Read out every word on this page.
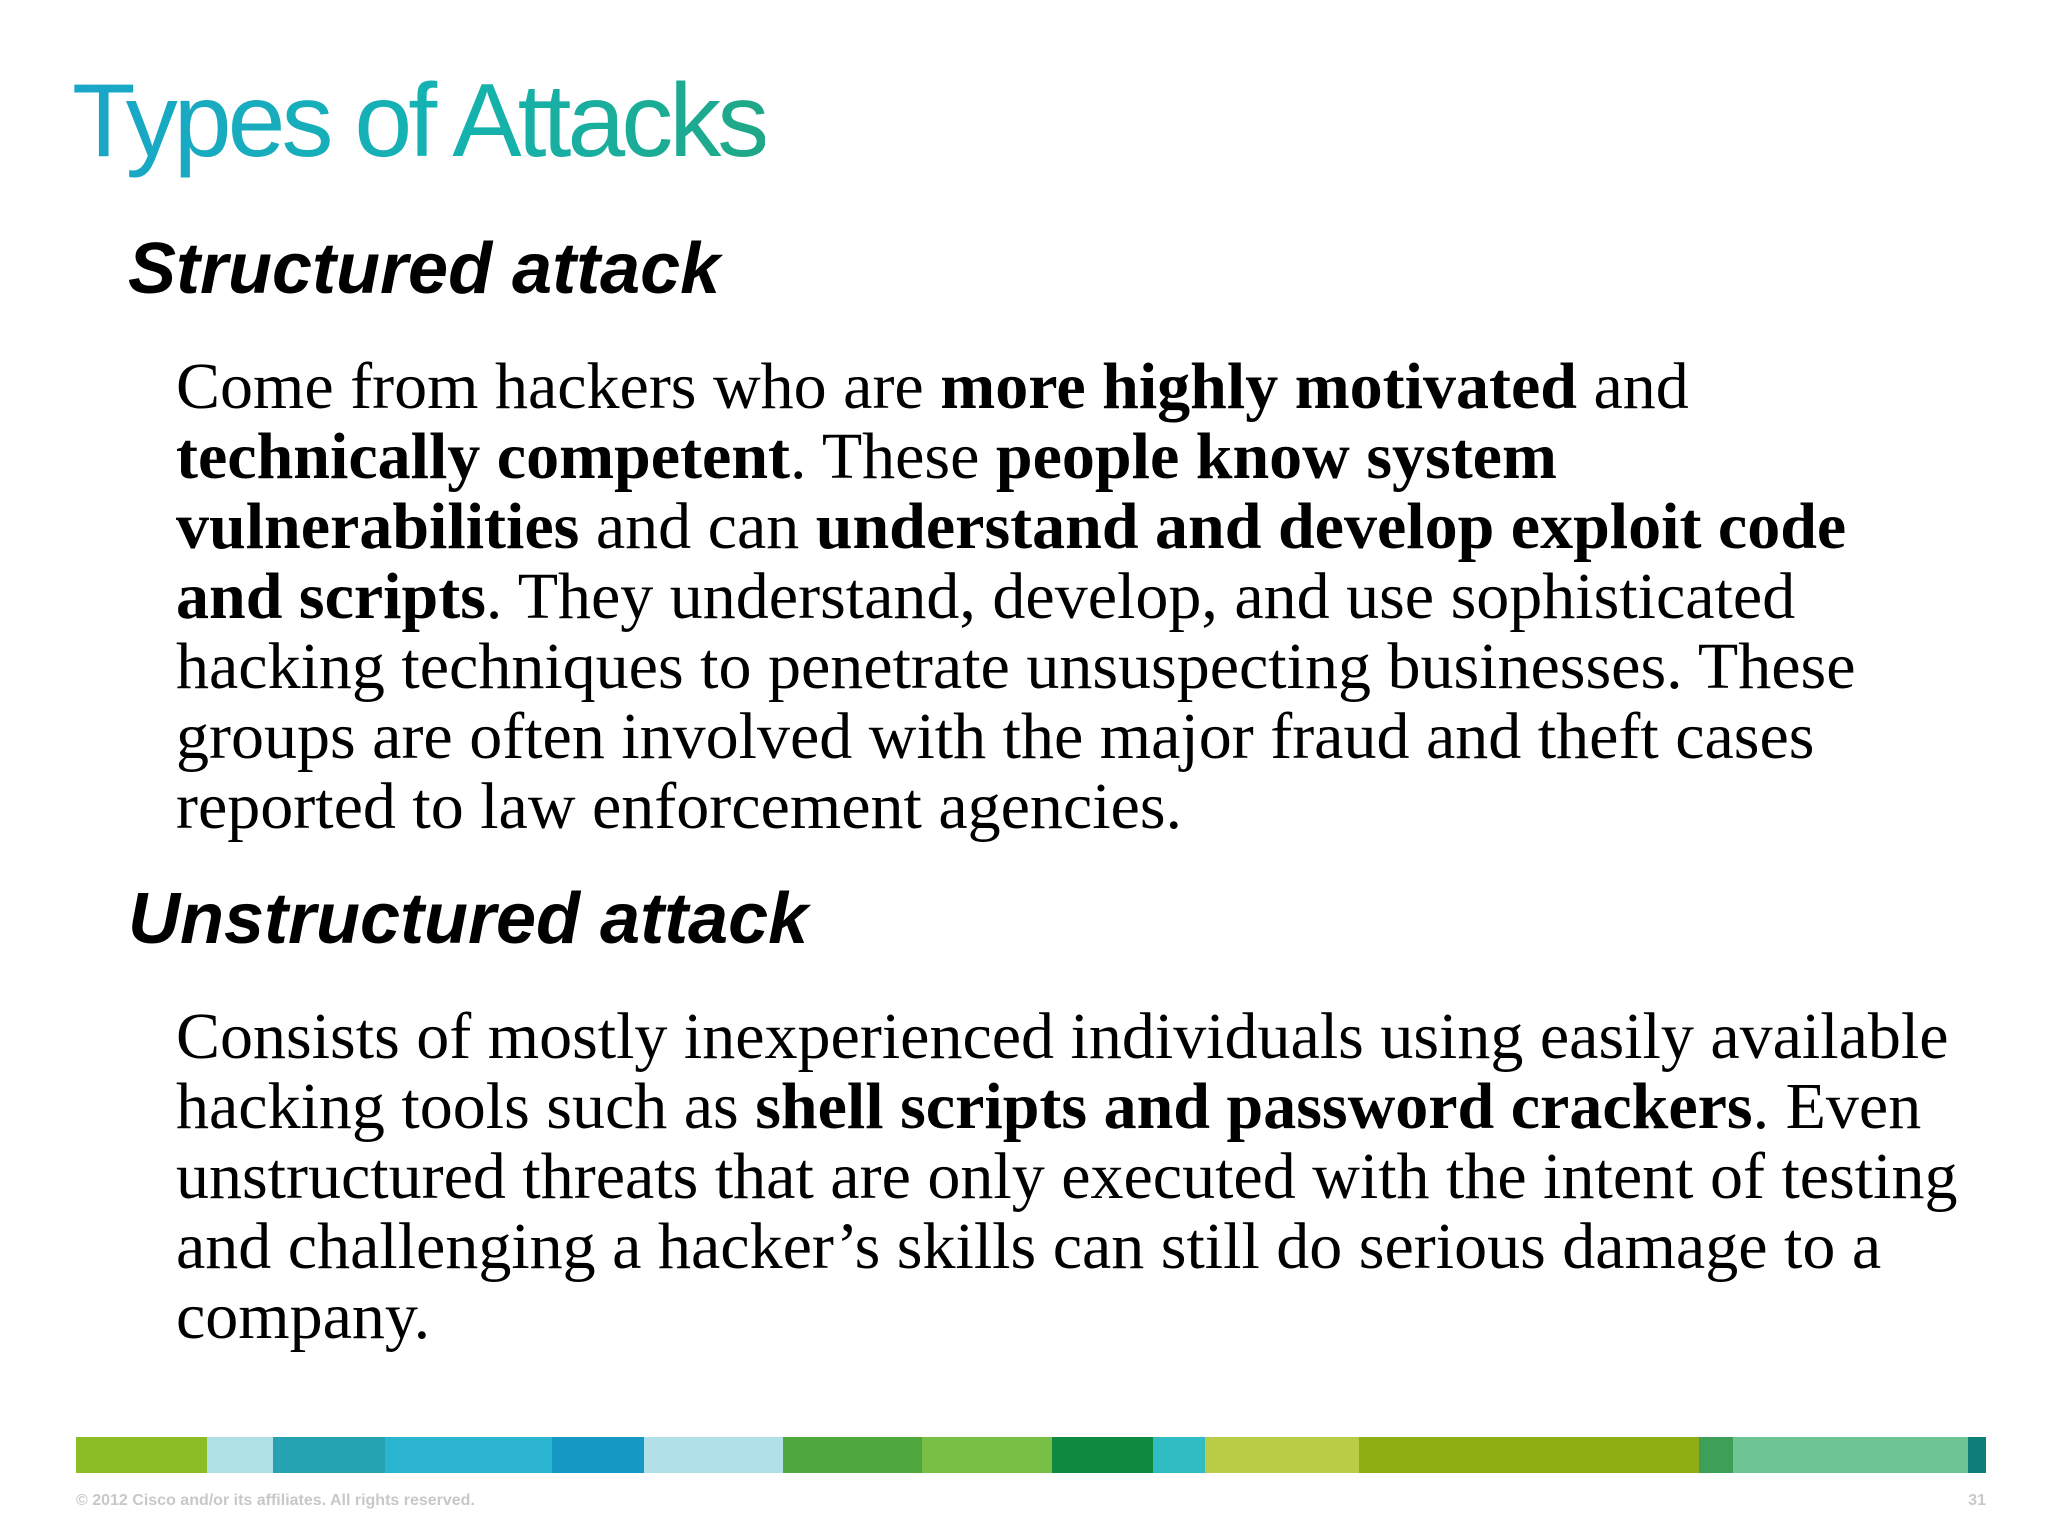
Types of Attacks
Structured attack

Come from hackers who are more highly motivated and technically competent. These people know system vulnerabilities and can understand and develop exploit code and scripts. They understand, develop, and use sophisticated hacking techniques to penetrate unsuspecting businesses. These groups are often involved with the major fraud and theft cases reported to law enforcement agencies.

Unstructured attack

Consists of mostly inexperienced individuals using easily available hacking tools such as shell scripts and password crackers. Even unstructured threats that are only executed with the intent of testing and challenging a hacker’s skills can still do serious damage to a company.

© 2012 Cisco and/or its affiliates. All rights reserved.	31
